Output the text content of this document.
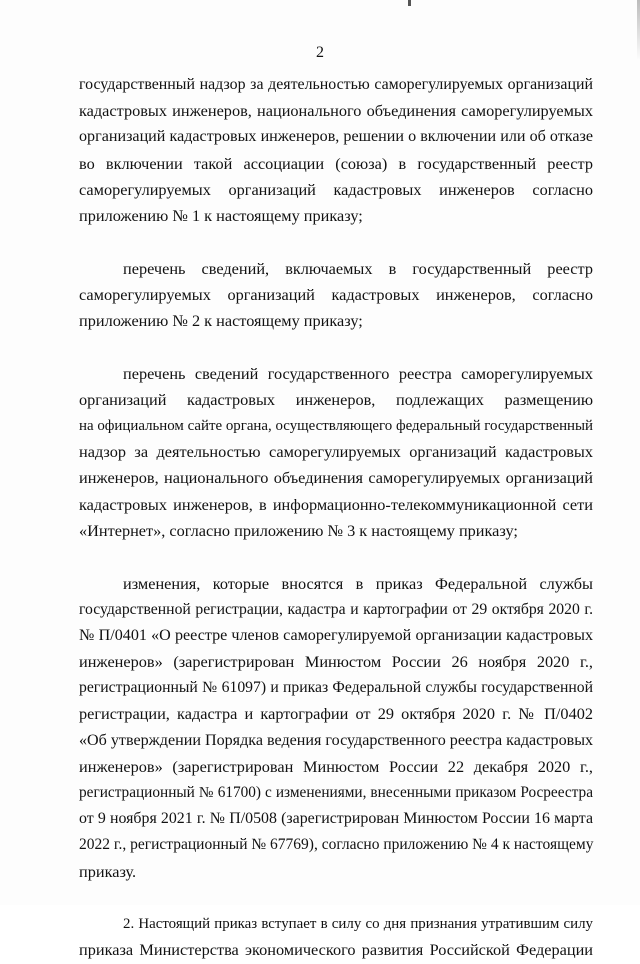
2
государственный надзор за деятельностью саморегулируемых организаций
кадастровых инженеров, национального объединения саморегулируемых
организаций кадастровых инженеров, решении о включении или об отказе
во включении такой ассоциации (союза) в государственный реестр
саморегулируемых организаций кадастровых инженеров согласно
приложению № 1 к настоящему приказу;
перечень сведений, включаемых в государственный реестр
саморегулируемых организаций кадастровых инженеров, согласно
приложению № 2 к настоящему приказу;
перечень сведений государственного реестра саморегулируемых
организаций кадастровых инженеров, подлежащих размещению
на официальном сайте органа, осуществляющего федеральный государственный
надзор за деятельностью саморегулируемых организаций кадастровых
инженеров, национального объединения саморегулируемых организаций
кадастровых инженеров, в информационно-телекоммуникационной сети
«Интернет», согласно приложению № 3 к настоящему приказу;
изменения, которые вносятся в приказ Федеральной службы
государственной регистрации, кадастра и картографии от 29 октября 2020 г.
№ П/0401 «О реестре членов саморегулируемой организации кадастровых
инженеров» (зарегистрирован Минюстом России 26 ноября 2020 г.,
регистрационный № 61097) и приказ Федеральной службы государственной
регистрации, кадастра и картографии от 29 октября 2020 г. № П/0402
«Об утверждении Порядка ведения государственного реестра кадастровых
инженеров» (зарегистрирован Минюстом России 22 декабря 2020 г.,
регистрационный № 61700) с изменениями, внесенными приказом Росреестра
от 9 ноября 2021 г. № П/0508 (зарегистрирован Минюстом России 16 марта
2022 г., регистрационный № 67769), согласно приложению № 4 к настоящему
приказу.
2. Настоящий приказ вступает в силу со дня признания утратившим силу
приказа Министерства экономического развития Российской Федерации
